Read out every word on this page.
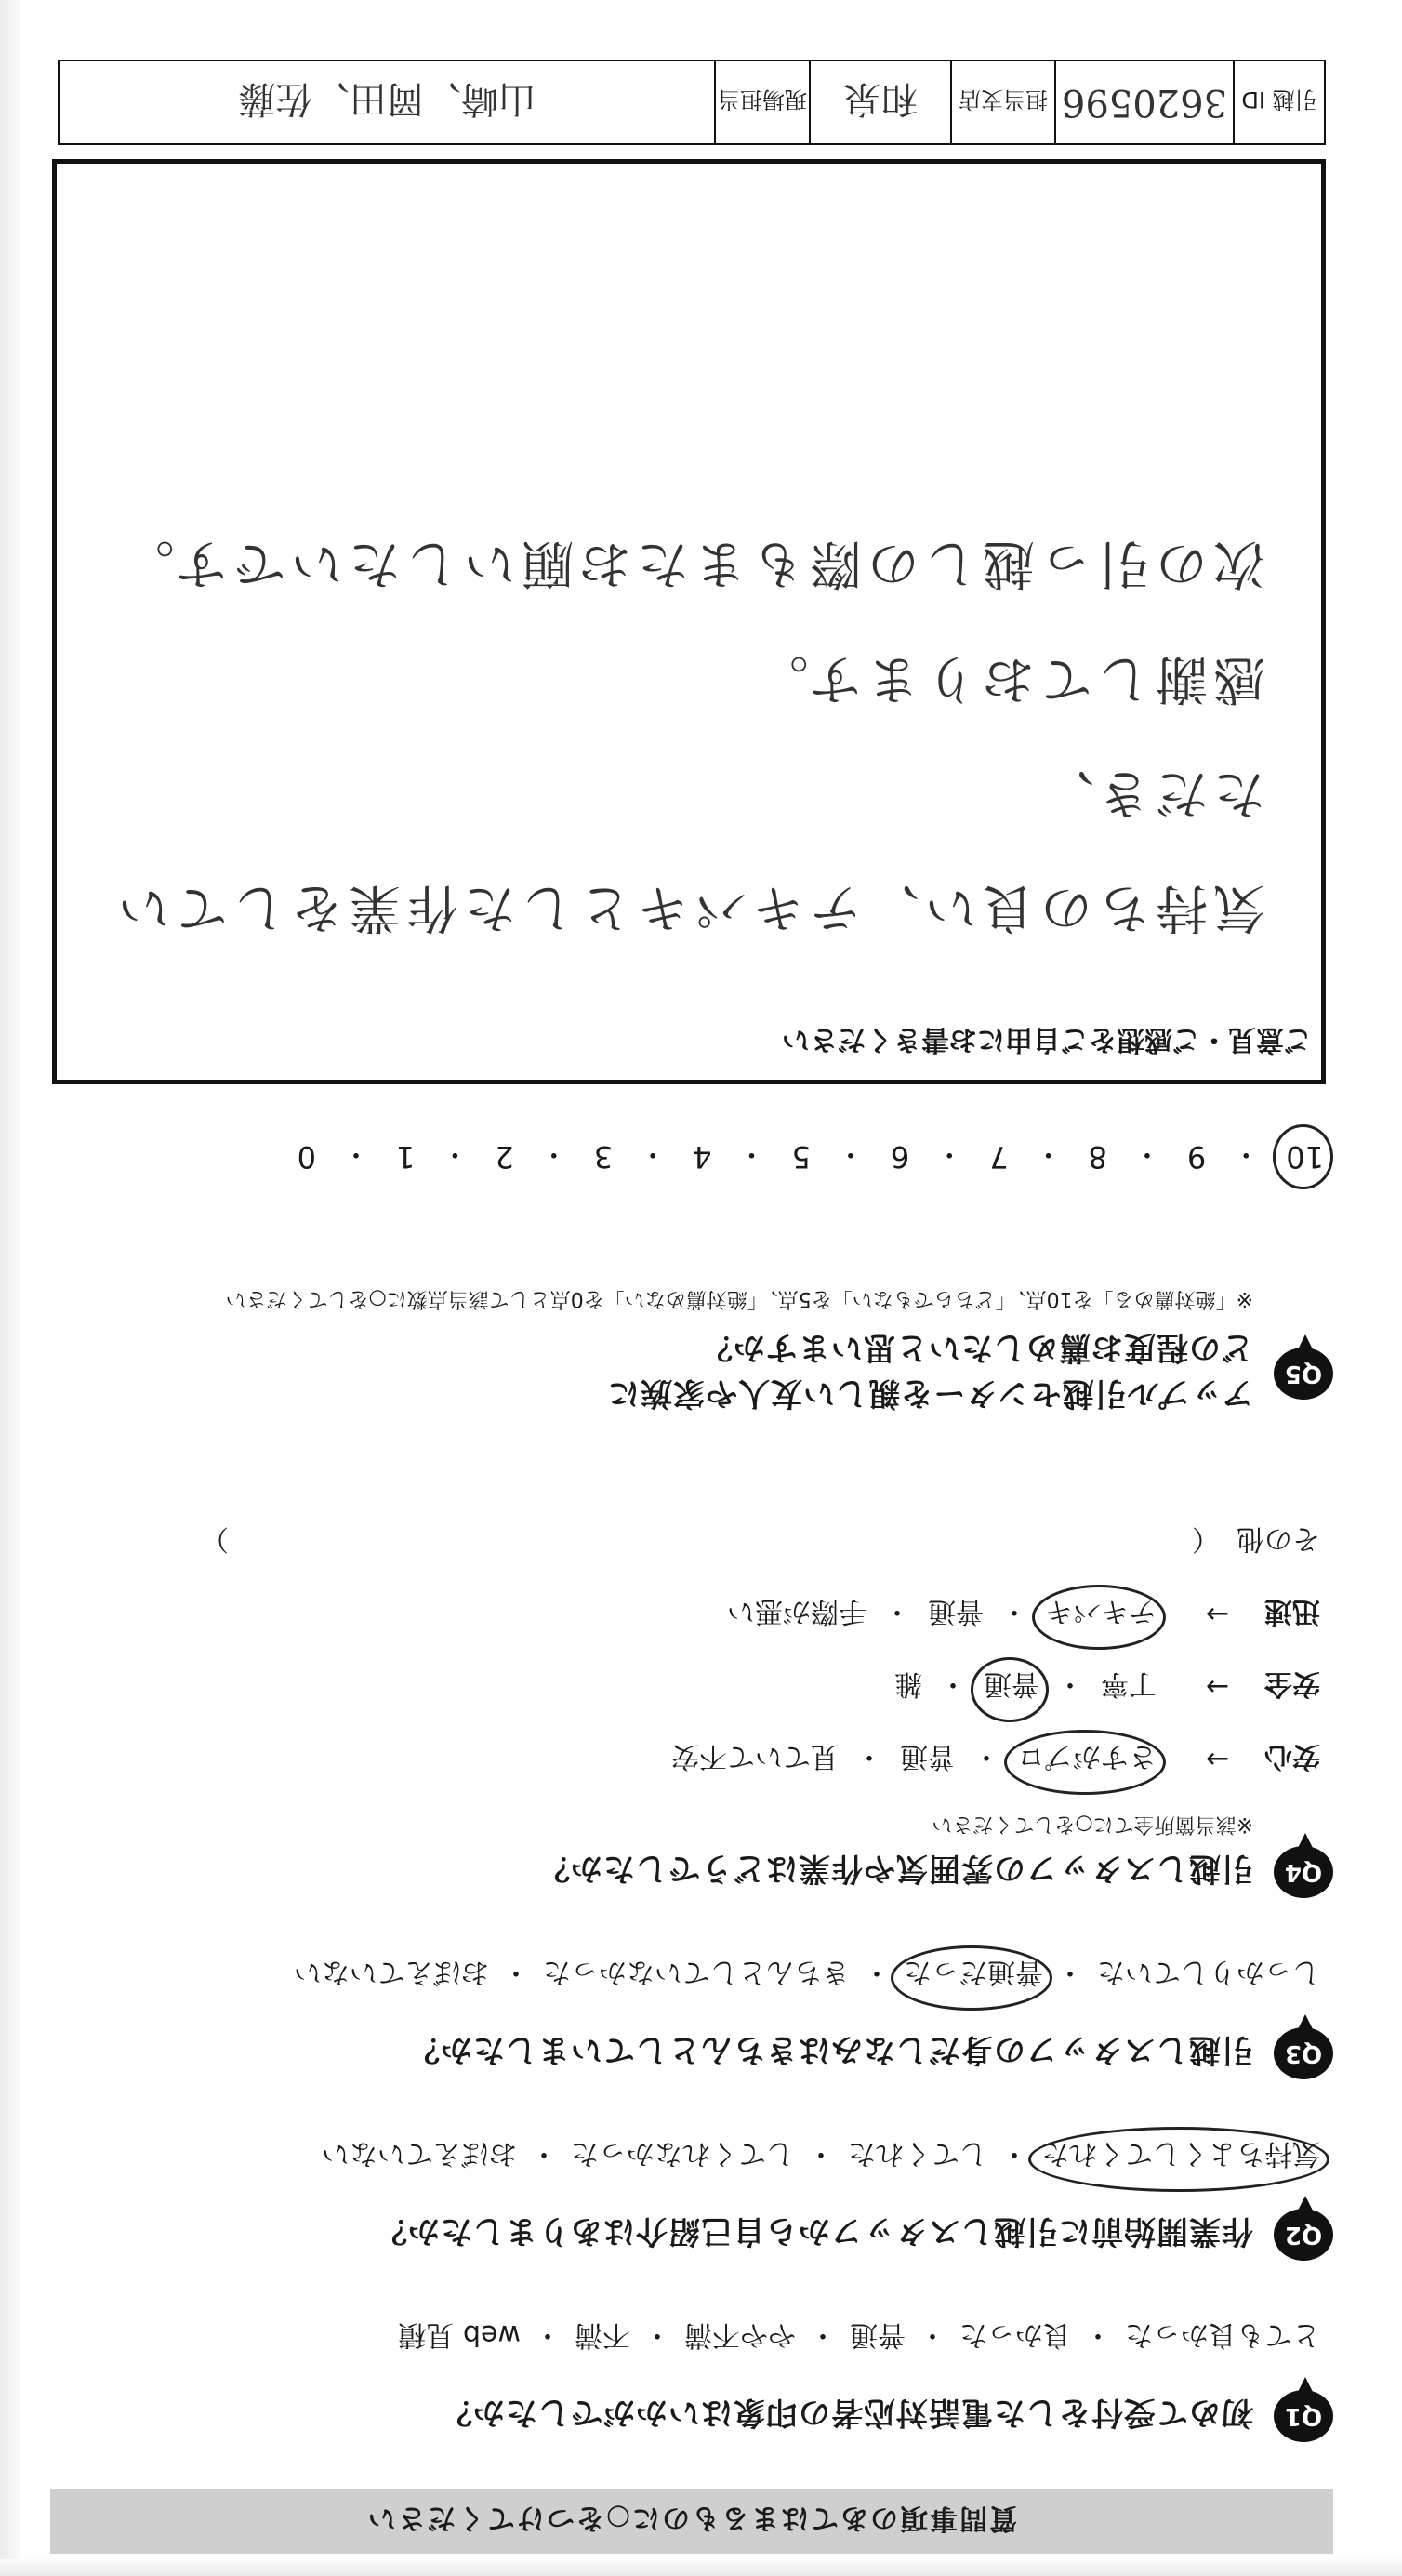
質問事項のあてはまるものに○をつけてください
Q1
初めて受付をした電話対応者の印象はいかがでしたか？
とても良かった
・
良かった
・
普通
・
やや不満
・
不満
・
web 見積
Q2
作業開始前に引越しスタッフから自己紹介はありましたか？
気持ちよくしてくれた
・
してくれた
・
してくれなかった
・
おぼえていない
Q3
引越しスタッフの身だしなみはきちんとしていましたか？
しっかりしていた
・
普通だった
・
きちんとしていなかった
・
おぼえていない
Q4
引越しスタッフの雰囲気や作業はどうでしたか？
※該当箇所全てに○をしてください
安心
→
さすがプロ
・
普通
・
見ていて不安
安全
→
丁寧
・
普通
・
雑
迅速
→
テキパキ
・
普通
・
手際が悪い
その他
（
）
Q5
アップル引越センターを親しい友人や家族に
どの程度お薦めしたいと思いますか？
※「絶対薦める」を10点、「どちらでもない」を5点、「絶対薦めない」を0点として該当点数に○をしてください
10
・
9
・
8
・
7
・
6
・
5
・
4
・
3
・
2
・
1
・
0
ご意見・ご感想をご自由にお書きください
気持ちの良い、テキパキとした作業をしていただき、
感謝しております。
次の引っ越しの際もまたお願いしたいです。
引越 ID
3620596
担当支店
和泉
現場担当
山崎、岡田、佐藤
